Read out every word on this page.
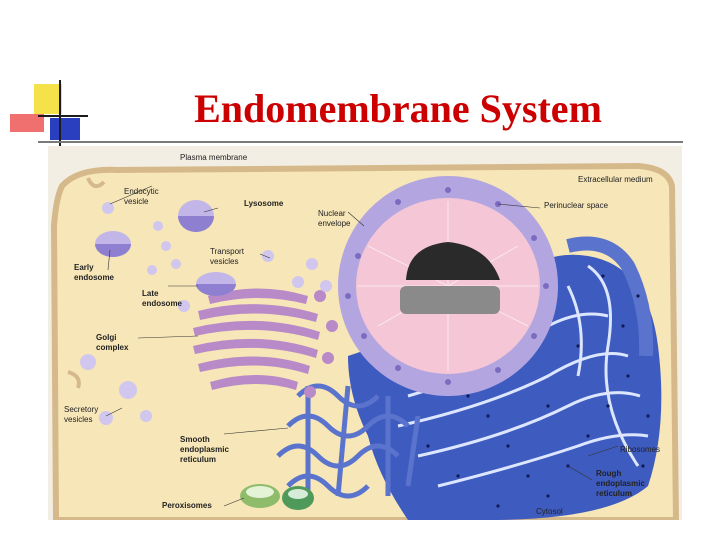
Endomembrane System
Plasma membrane
Extracellular medium
Endocytic
vesicle	Lysosome
Nuclear
envelope
Perinuclear space
Transport
vesicles
Early
endosome
Late
endosome
Golgi
complex
Secretory
vesicles
Smooth
endoplasmic
reticulum
Ribosomes
Rough
endoplasmic
reticulum
Peroxisomes
Cytosol
